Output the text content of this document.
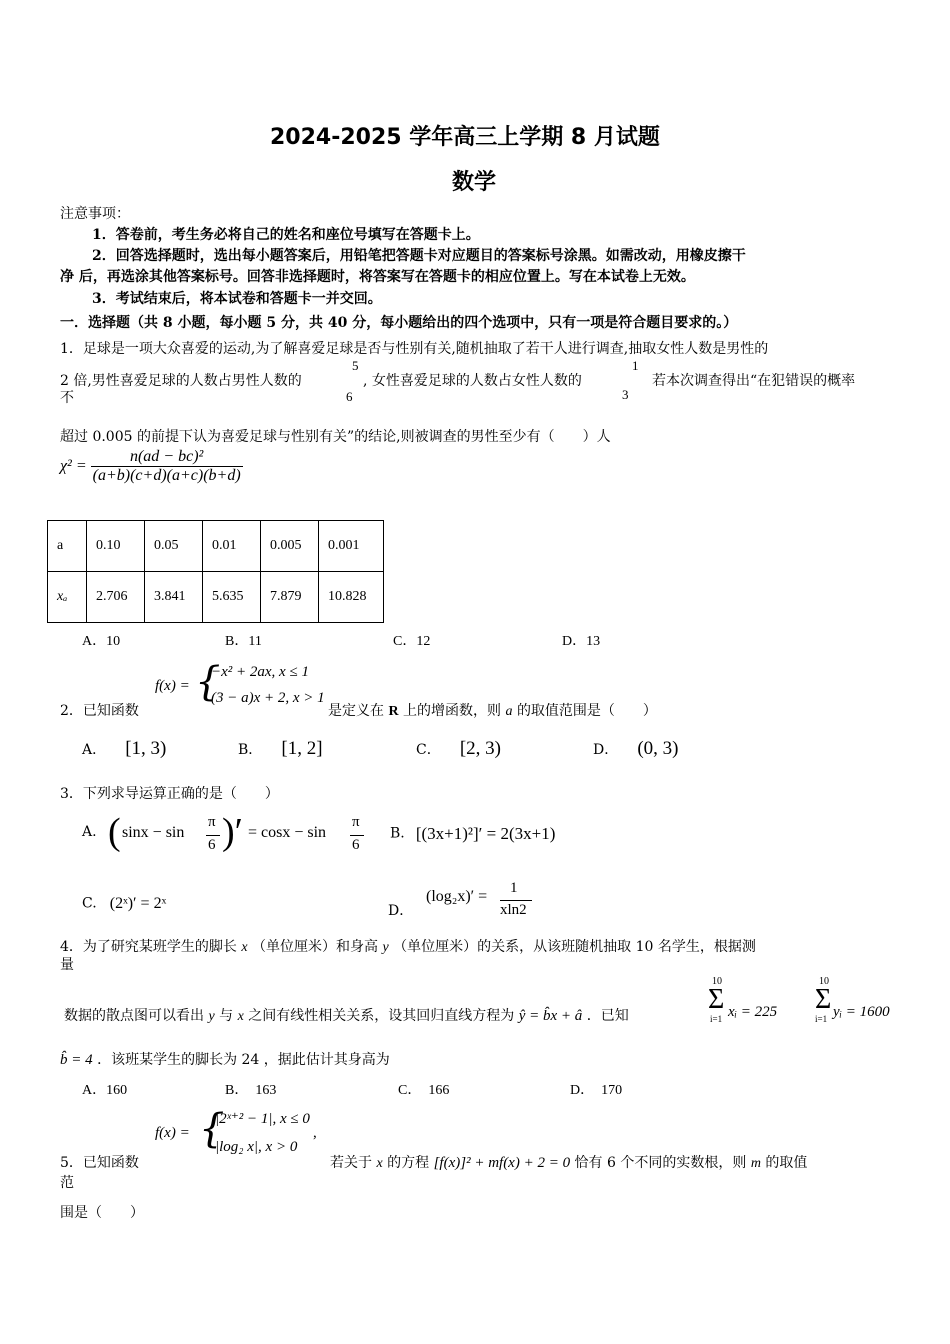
2024-2025 学年高三上学期 8 月试题
数学
注意事项：
1．答卷前，考生务必将自己的姓名和座位号填写在答题卡上。
2．回答选择题时，选出每小题答案后，用铅笔把答题卡对应题目的答案标号涂黑。如需改动，用橡皮擦干
净 后，再选涂其他答案标号。回答非选择题时，将答案写在答题卡的相应位置上。写在本试卷上无效。
3．考试结束后，将本试卷和答题卡一并交回。
一．选择题（共 8 小题，每小题 5 分，共 40 分，每小题给出的四个选项中，只有一项是符合题目要求的。）
1．足球是一项大众喜爱的运动,为了解喜爱足球是否与性别有关,随机抽取了若干人进行调查,抽取女性人数是男性的
2 倍,男性喜爱足球的人数占男性人数的
5
6
, 女性喜爱足球的人数占女性人数的
1
3
若本次调查得出“在犯错误的概率
不
超过 0.005 的前提下认为喜爱足球与性别有关”的结论,则被调查的男性至少有（　　）人
$\chi^2 = \frac{\text{n(ad − bc)²}}{(a+b)(c+d)(a+c)(b+d)}$
a	0.10	0.05	0.01	0.005	0.001
xₐ	2.706	3.841	5.635	7.879	10.828
A．10	B．11	C．12	D．13
2．已知函数
f(x) = {
−x² + 2ax, x ≤ 1
(3 − a)x + 2, x > 1
是定义在 R 上的增函数，则 a 的取值范围是（　　）
A． [1, 3)	B． [1, 2]	C． [2, 3)	D． (0, 3)
3．下列求导运算正确的是（　　）
A. ( sinx − sin
π
6 )′ = cosx − sin
π
6
B. [(3x+1)²]′ = 2(3x+1)
C. (2ˣ)′ = 2ˣ	D．
(log₂x)′ = 1
xln2
4．为了研究某班学生的脚长 x （单位厘米）和身高 y （单位厘米）的关系，从该班随机抽取 10 名学生，根据测
量
数据的散点图可以看出 y 与 x 之间有线性相关关系，设其回归直线方程为 ŷ = b̂x + â ．已知
10
Σ
i=1 xᵢ = 225
10
Σ
i=1 yᵢ = 1600
b̂ = 4 ．该班某学生的脚长为 24 ，据此估计其身高为
A．160	B．　163	C．　166	D．　170
5．已知函数
f(x) = {
|2ˣ⁺² − 1|, x ≤ 0
|log₂ x|, x > 0
,
若关于 x 的方程 [f(x)]² + mf(x) + 2 = 0 恰有 6 个不同的实数根，则 m 的取值
范
围是（　　）
